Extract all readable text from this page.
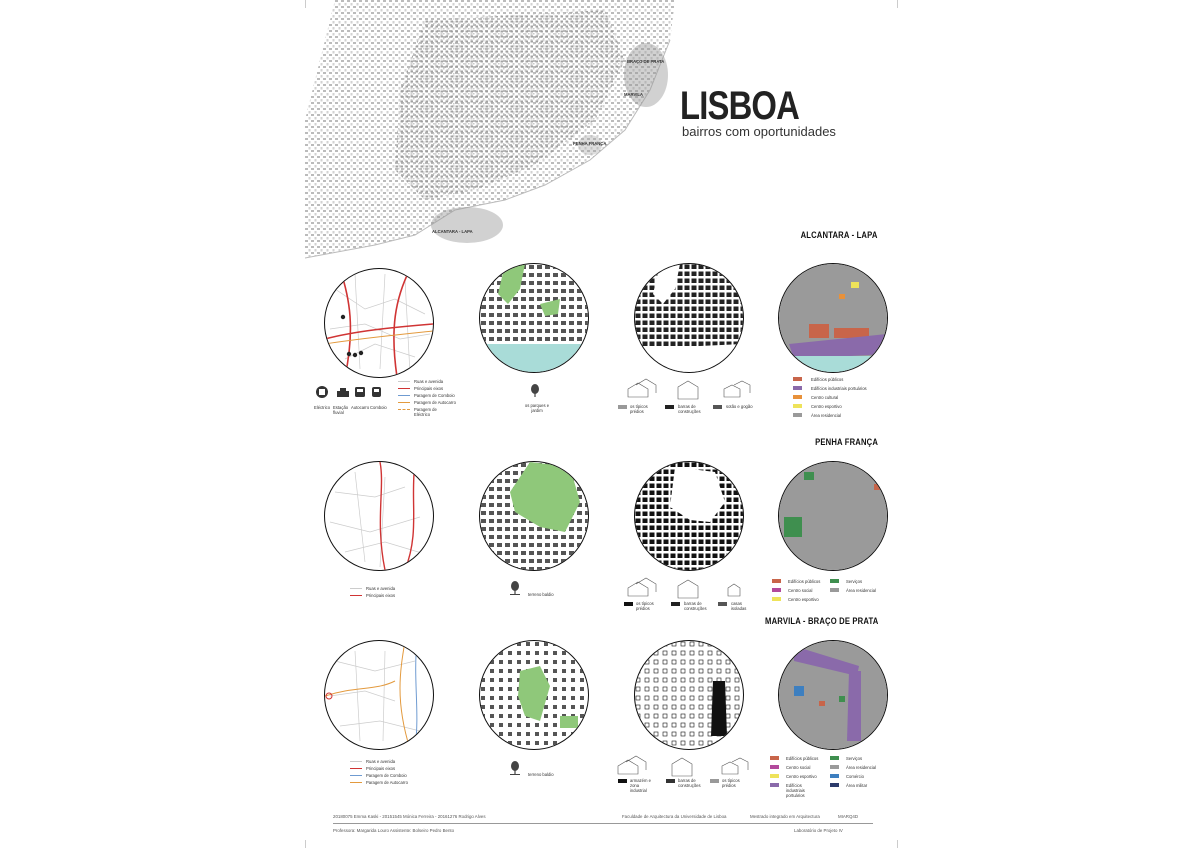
BRAÇO DE PRATA
MARVILA
PENHA FRANÇA
ALCANTARA - LAPA
LISBOA
bairros com oportunidades
ALCANTARA - LAPA
PENHA FRANÇA
MARVILA - BRAÇO DE PRATA
Eléctrico Estação fluvial
Autocarro Comboio
Ruas e avenida
Principais eixos
Paragem de Comboio
Paragem de Autocarro
Paragem de Eléctrico
os parques e jardim
os típicos prédios
barras de construções
sotão e gogão
Edifícios públicos
Edifícios industriais portuários
Centro cultural
Centro esportivo
Área residencial
Ruas e avenida
Principais eixos	terreno baldio
os típicos prédios
barras de construções
casas isoladas
Edifícios públicos	Serviços
Centro social	Área residencial
Centro esportivo
Ruas e avenida
Principais eixos
Paragem de Comboio
Paragem de Autocarro
terreno baldio
armazém e zona industrial
barras de construções
os típicos prédios
Edifícios públicos	Serviços
Centro social	Área residencial
Centro esportivo	Comércio
Edifícios industriais portuários
Área militar
20180075 Emma Kaski - 20151545 Mónica Ferreira - 20161276 Rodrigo Alves	Faculdade de Arquitectura da Universidade de Lisboa	Mestrado integrado em Arquitectura	MIARQ4D
Professora: Margarida Louro Assistente: Bolseiro Pedro Bento	Laboratório de Projeto IV
